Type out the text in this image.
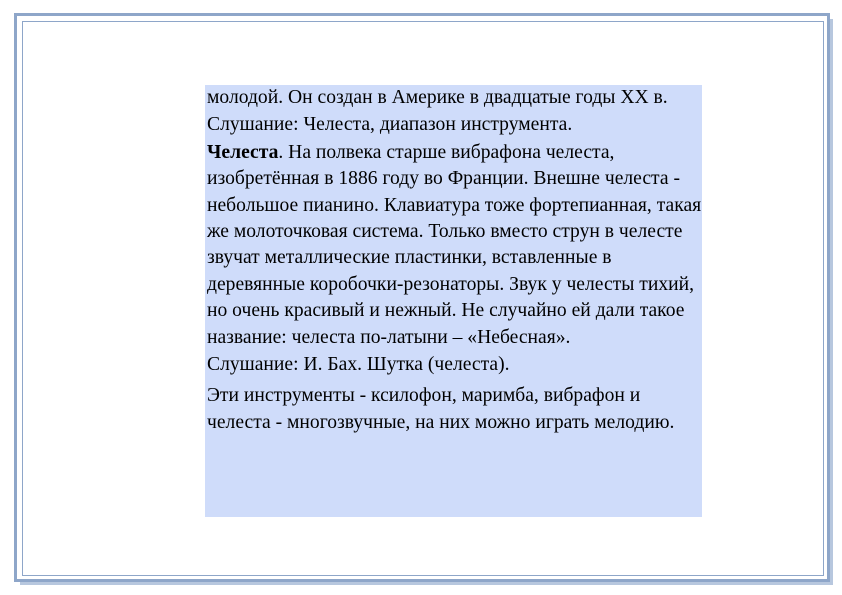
молодой. Он создан в Америке в двадцатые годы XX в.

Слушание: Челеста, диапазон инструмента.

Челеста. На полвека старше вибрафона челеста, изобретённая в 1886 году во Франции. Внешне челеста - небольшое пианино. Клавиатура тоже фортепианная, такая же молоточковая система. Только вместо струн в челесте звучат металлические пластинки, вставленные в деревянные коробочки-резонаторы. Звук у челесты тихий, но очень красивый и нежный. Не случайно ей дали такое название: челеста по-латыни – «Небесная».

Слушание: И. Бах. Шутка (челеста).

Эти инструменты - ксилофон, маримба, вибрафон и челеста - многозвучные, на них можно играть мелодию.
